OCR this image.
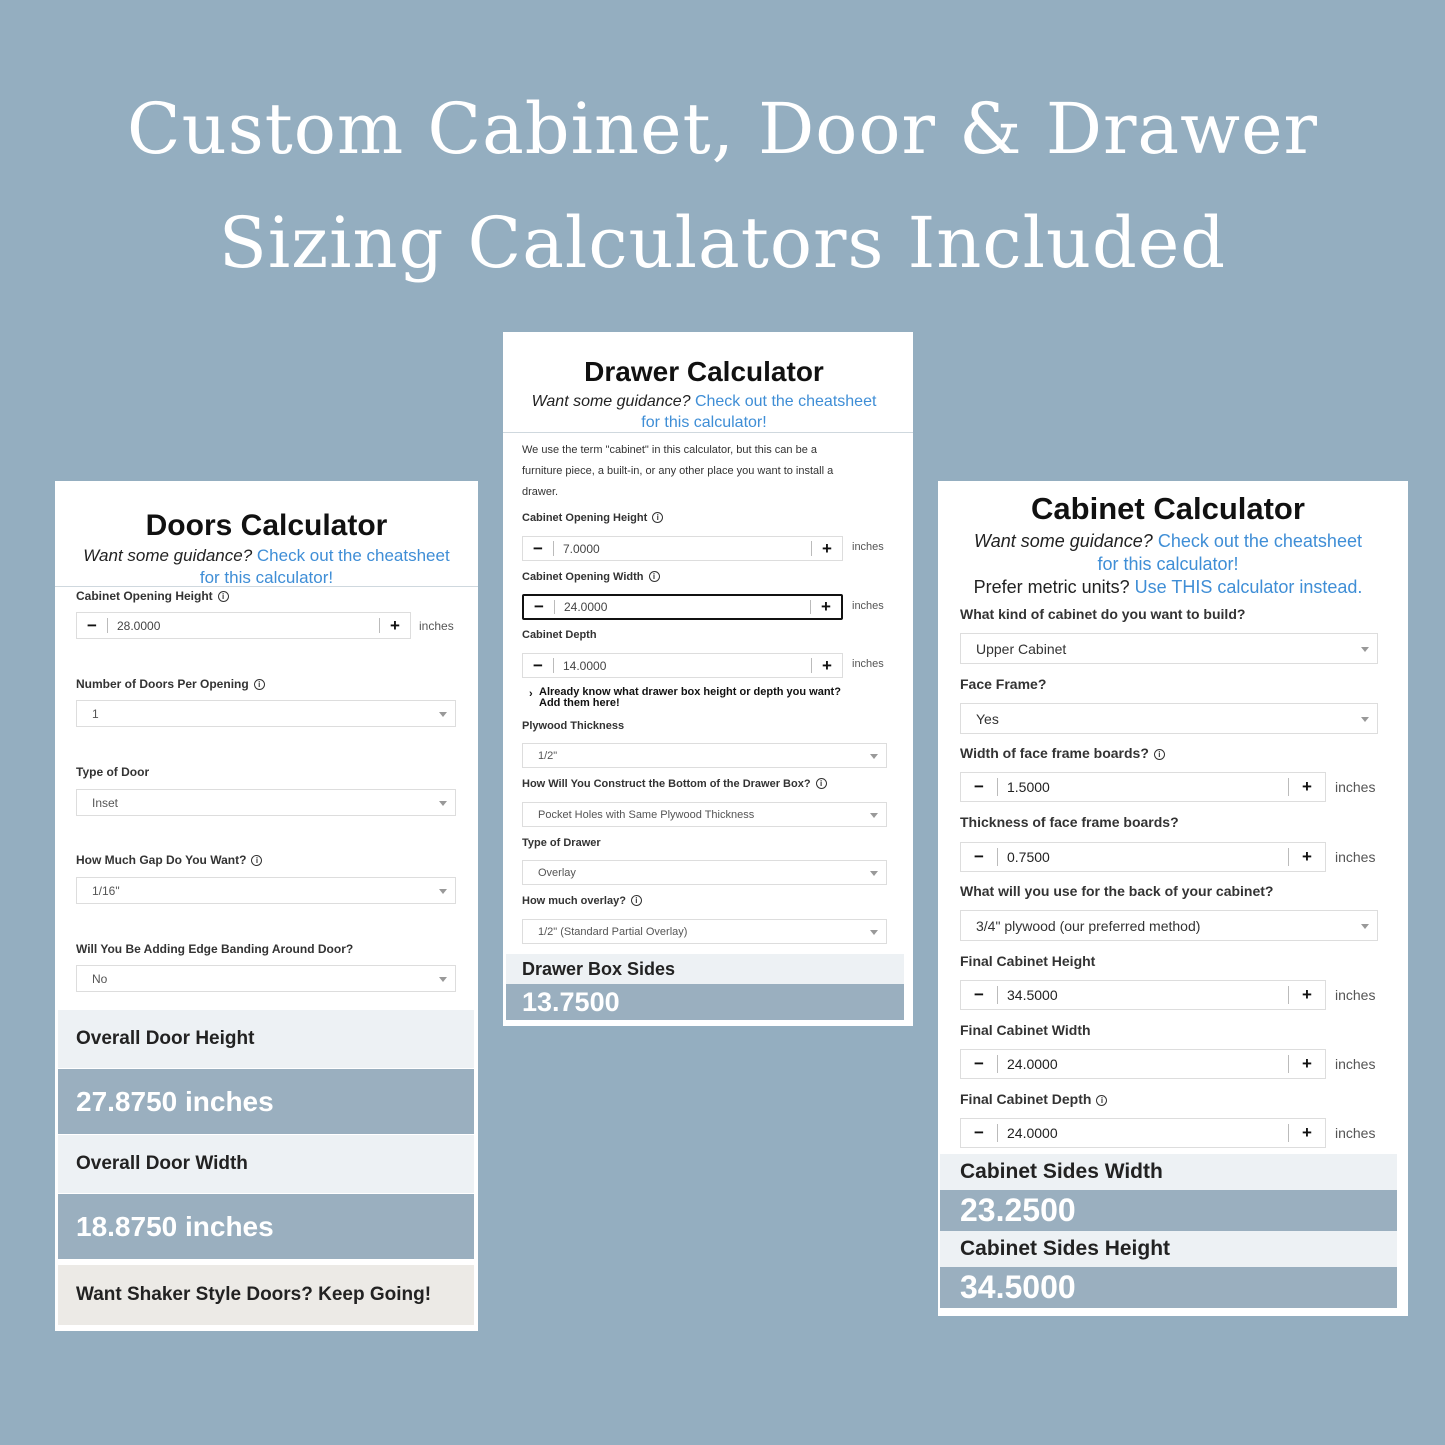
Custom Cabinet, Door & Drawer
Sizing Calculators Included
Doors Calculator
Want some guidance? Check out the cheatsheet
for this calculator!
Cabinet Opening Height i
−	28.0000	+	inches
Number of Doors Per Opening i
1
Type of Door
Inset
How Much Gap Do You Want? i
1/16"
Will You Be Adding Edge Banding Around Door?
No
Overall Door Height
27.8750 inches
Overall Door Width
18.8750 inches
Want Shaker Style Doors? Keep Going!
Drawer Calculator
Want some guidance? Check out the cheatsheet
for this calculator!
We use the term "cabinet" in this calculator, but this can be a
furniture piece, a built-in, or any other place you want to install a
drawer.
Cabinet Opening Height i
−	7.0000	+	inches
Cabinet Opening Width i
−	24.0000	+	inches
Cabinet Depth
−	14.0000	+	inches
› Already know what drawer box height or depth you want?
Add them here!
Plywood Thickness
1/2"
How Will You Construct the Bottom of the Drawer Box? i
Pocket Holes with Same Plywood Thickness
Type of Drawer
Overlay
How much overlay? i
1/2" (Standard Partial Overlay)
Drawer Box Sides
13.7500
Cabinet Calculator
Want some guidance? Check out the cheatsheet
for this calculator!
Prefer metric units? Use THIS calculator instead.
What kind of cabinet do you want to build?
Upper Cabinet
Face Frame?
Yes
Width of face frame boards? i
−	1.5000	+	inches
Thickness of face frame boards?
−	0.7500	+	inches
What will you use for the back of your cabinet?
3/4" plywood (our preferred method)
Final Cabinet Height
−	34.5000	+	inches
Final Cabinet Width
−	24.0000	+	inches
Final Cabinet Depth i
−	24.0000	+	inches
Cabinet Sides Width
23.2500
Cabinet Sides Height
34.5000
